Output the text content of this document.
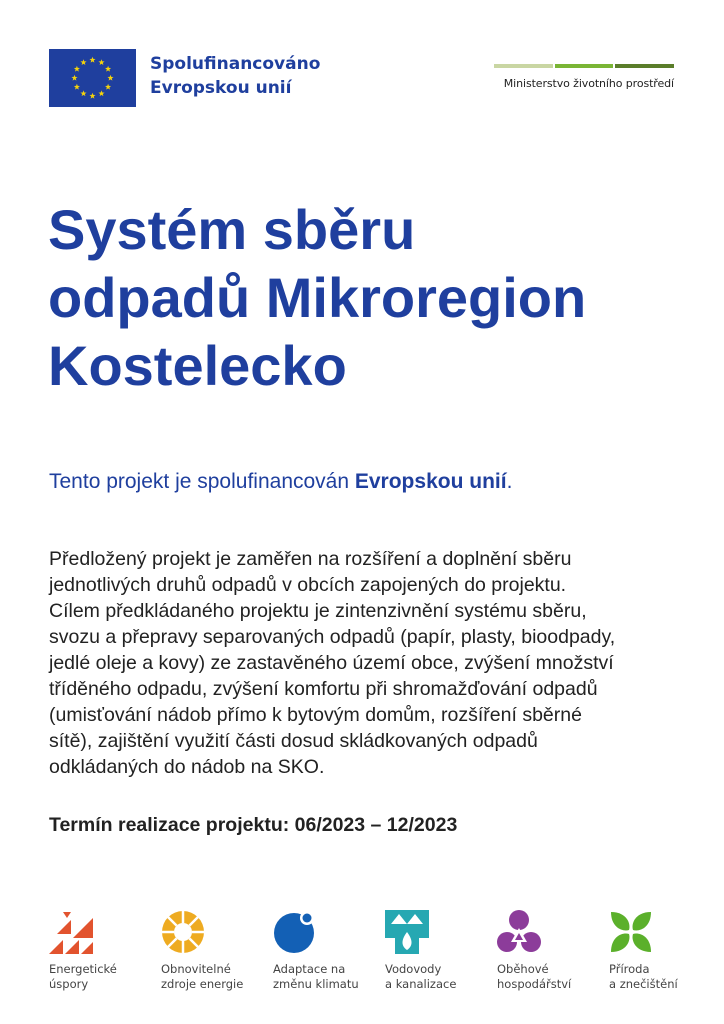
Spolufinancováno
Evropskou unií	Ministerstvo životního prostředí
Systém sběru
odpadů Mikroregion
Kostelecko
Tento projekt je spolufinancován Evropskou unií.
Předložený projekt je zaměřen na rozšíření a doplnění sběru
jednotlivých druhů odpadů v obcích zapojených do projektu.
Cílem předkládaného projektu je zintenzivnění systému sběru,
svozu a přepravy separovaných odpadů (papír, plasty, bioodpady,
jedlé oleje a kovy) ze zastavěného území obce, zvýšení množství
tříděného odpadu, zvýšení komfortu při shromažďování odpadů
(umisťování nádob přímo k bytovým domům, rozšíření sběrné
sítě), zajištění využití části dosud skládkovaných odpadů
odkládaných do nádob na SKO.
Termín realizace projektu: 06/2023 – 12/2023
Energetické
úspory
Obnovitelné
zdroje energie
Adaptace na
změnu klimatu
Vodovody
a kanalizace
Oběhové
hospodářství
Příroda
a znečištění
